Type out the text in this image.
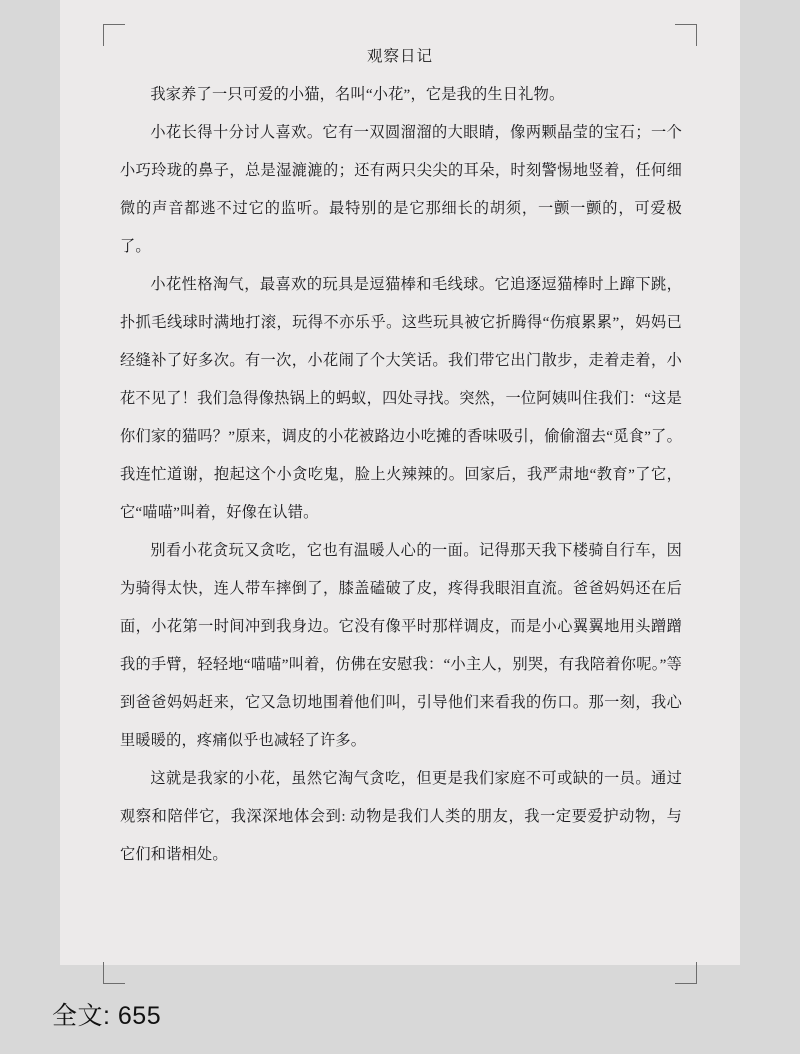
观察日记

我家养了一只可爱的小猫，名叫“小花”，它是我的生日礼物。

小花长得十分讨人喜欢。它有一双圆溜溜的大眼睛，像两颗晶莹的宝石；一个小巧玲珑的鼻子，总是湿漉漉的；还有两只尖尖的耳朵，时刻警惕地竖着，任何细微的声音都逃不过它的监听。最特别的是它那细长的胡须，一颤一颤的，可爱极了。

小花性格淘气，最喜欢的玩具是逗猫棒和毛线球。它追逐逗猫棒时上蹿下跳，扑抓毛线球时满地打滚，玩得不亦乐乎。这些玩具被它折腾得“伤痕累累”，妈妈已经缝补了好多次。有一次，小花闹了个大笑话。我们带它出门散步，走着走着，小花不见了！我们急得像热锅上的蚂蚁，四处寻找。突然，一位阿姨叫住我们：“这是你们家的猫吗？”原来，调皮的小花被路边小吃摊的香味吸引，偷偷溜去“觅食”了。我连忙道谢，抱起这个小贪吃鬼，脸上火辣辣的。回家后，我严肃地“教育”了它，它“喵喵”叫着，好像在认错。

别看小花贪玩又贪吃，它也有温暖人心的一面。记得那天我下楼骑自行车，因为骑得太快，连人带车摔倒了，膝盖磕破了皮，疼得我眼泪直流。爸爸妈妈还在后面，小花第一时间冲到我身边。它没有像平时那样调皮，而是小心翼翼地用头蹭蹭我的手臂，轻轻地“喵喵”叫着，仿佛在安慰我：“小主人，别哭，有我陪着你呢。”等到爸爸妈妈赶来，它又急切地围着他们叫，引导他们来看我的伤口。那一刻，我心里暖暖的，疼痛似乎也减轻了许多。

这就是我家的小花，虽然它淘气贪吃，但更是我们家庭不可或缺的一员。通过观察和陪伴它，我深深地体会到: 动物是我们人类的朋友，我一定要爱护动物，与它们和谐相处。

全文: 655
